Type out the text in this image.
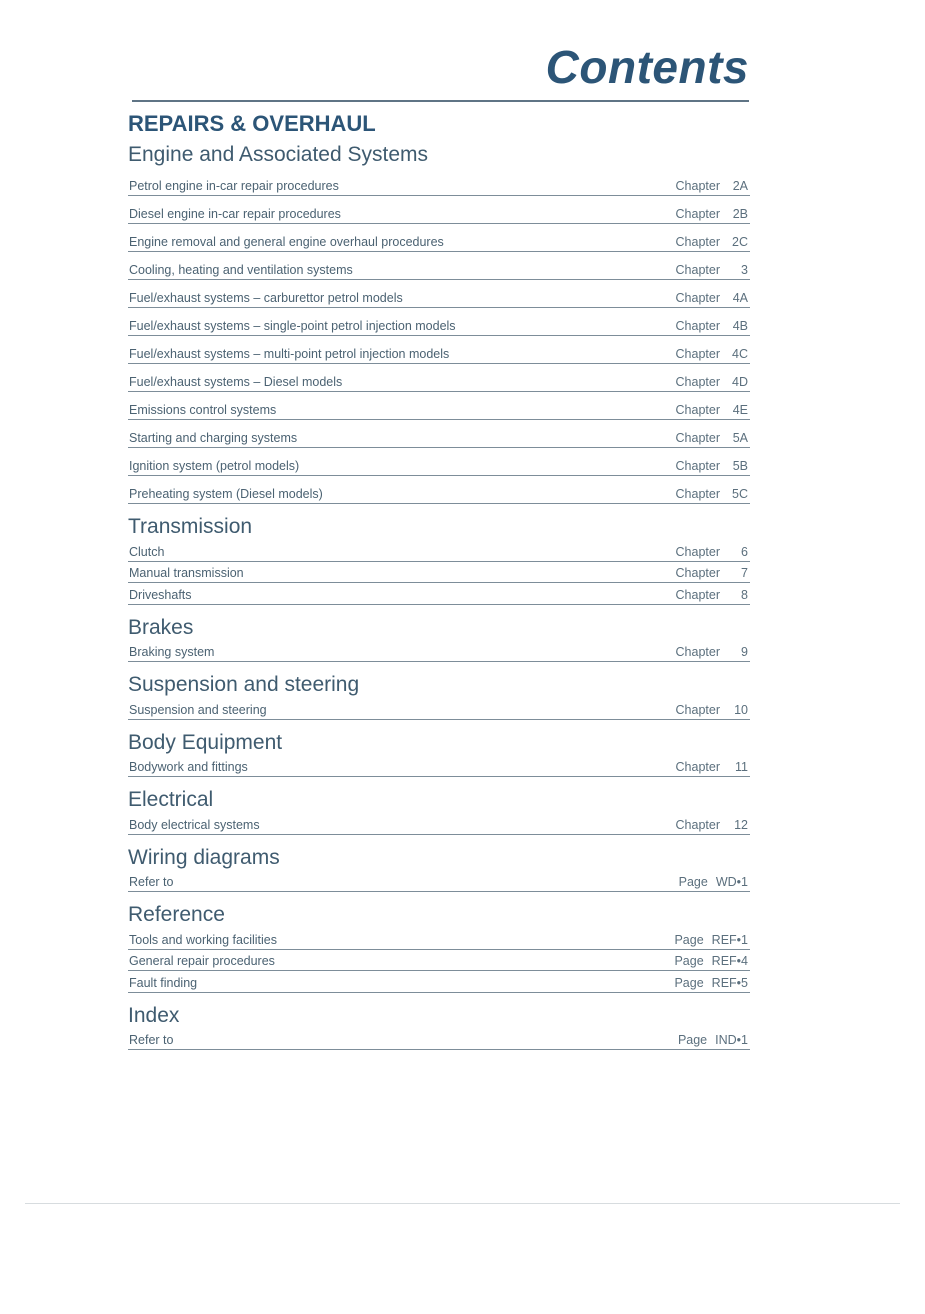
Contents
REPAIRS & OVERHAUL
Engine and Associated Systems
Petrol engine in-car repair procedures	Chapter 2A
Diesel engine in-car repair procedures	Chapter 2B
Engine removal and general engine overhaul procedures	Chapter 2C
Cooling, heating and ventilation systems	Chapter 3
Fuel/exhaust systems – carburettor petrol models	Chapter 4A
Fuel/exhaust systems – single-point petrol injection models	Chapter 4B
Fuel/exhaust systems – multi-point petrol injection models	Chapter 4C
Fuel/exhaust systems – Diesel models	Chapter 4D
Emissions control systems	Chapter 4E
Starting and charging systems	Chapter 5A
Ignition system (petrol models)	Chapter 5B
Preheating system (Diesel models)	Chapter 5C
Transmission
Clutch	Chapter 6
Manual transmission	Chapter 7
Driveshafts	Chapter 8
Brakes
Braking system	Chapter 9
Suspension and steering
Suspension and steering	Chapter 10
Body Equipment
Bodywork and fittings	Chapter 11
Electrical
Body electrical systems	Chapter 12
Wiring diagrams
Refer to	Page WD•1
Reference
Tools and working facilities	Page REF•1
General repair procedures	Page REF•4
Fault finding	Page REF•5
Index
Refer to	Page IND•1
